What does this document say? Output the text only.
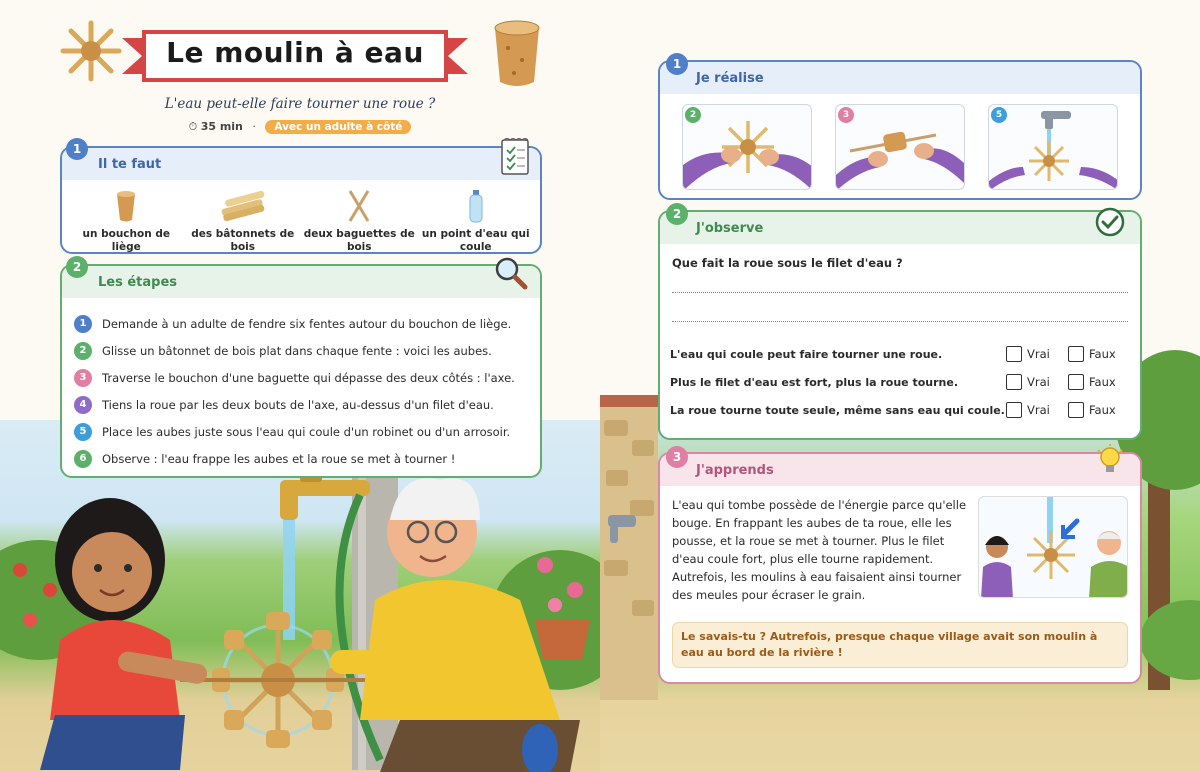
Le moulin à eau
L'eau peut-elle faire tourner une roue ?
⏱ 35 min · Avec un adulte à côté
Il te faut
un bouchon de liège
des bâtonnets de bois
deux baguettes de bois
un point d'eau qui coule
1
Les étapes
1	Demande à un adulte de fendre six fentes autour du bouchon de liège.
2	Glisse un bâtonnet de bois plat dans chaque fente : voici les aubes.
3	Traverse le bouchon d'une baguette qui dépasse des deux côtés : l'axe.
4	Tiens la roue par les deux bouts de l'axe, au-dessus d'un filet d'eau.
5	Place les aubes juste sous l'eau qui coule d'un robinet ou d'un arrosoir.
6	Observe : l'eau frappe les aubes et la roue se met à tourner !
2
Je réalise
2	3	5
1
J'observe
Que fait la roue sous le filet d'eau ?
L'eau qui coule peut faire tourner une roue.	Vrai	Faux
Plus le filet d'eau est fort, plus la roue tourne.	Vrai	Faux
La roue tourne toute seule, même sans eau qui coule. Vrai	Faux
2
J'apprends
L'eau qui tombe possède de l'énergie parce qu'elle bouge. En frappant les aubes de ta roue, elle les pousse, et la roue se met à tourner. Plus le filet d'eau coule fort, plus elle tourne rapidement. Autrefois, les moulins à eau faisaient ainsi tourner des meules pour écraser le grain.
Le savais-tu ? Autrefois, presque chaque village avait son moulin à eau au bord de la rivière !
3
